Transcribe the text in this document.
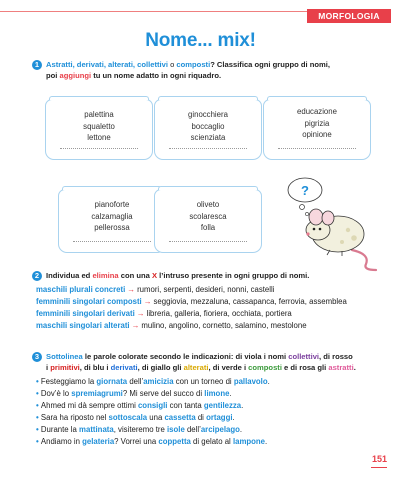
MORFOLOGIA
Nome... mix!
1 Astratti, derivati, alterati, collettivi o composti? Classifica ogni gruppo di nomi,
poi aggiungi tu un nome adatto in ogni riquadro.
palettina
squaletto
lettone
ginocchiera
boccaglio
scienziata
educazione
pigrizia
opinione
pianoforte
calzamaglia
pellerossa
oliveto
scolaresca
folla
?
2 Individua ed elimina con una X l’intruso presente in ogni gruppo di nomi.
maschili plurali concreti → rumori, serpenti, desideri, nonni, castelli
femminili singolari composti → seggiovia, mezzaluna, cassapanca, ferrovia, assemblea
femminili singolari derivati → libreria, galleria, fioriera, occhiata, portiera
maschili singolari alterati → mulino, angolino, cornetto, salamino, mestolone
3 Sottolinea le parole colorate secondo le indicazioni: di viola i nomi collettivi, di rosso
i primitivi, di blu i derivati, di giallo gli alterati, di verde i composti e di rosa gli astratti.
• Festeggiamo la giornata dell’amicizia con un torneo di pallavolo.
• Dov’è lo spremiagrumi? Mi serve del succo di limone.
• Ahmed mi dà sempre ottimi consigli con tanta gentilezza.
• Sara ha riposto nel sottoscala una cassetta di ortaggi.
• Durante la mattinata, visiteremo tre isole dell’arcipelago.
• Andiamo in gelateria? Vorrei una coppetta di gelato al lampone.
151
